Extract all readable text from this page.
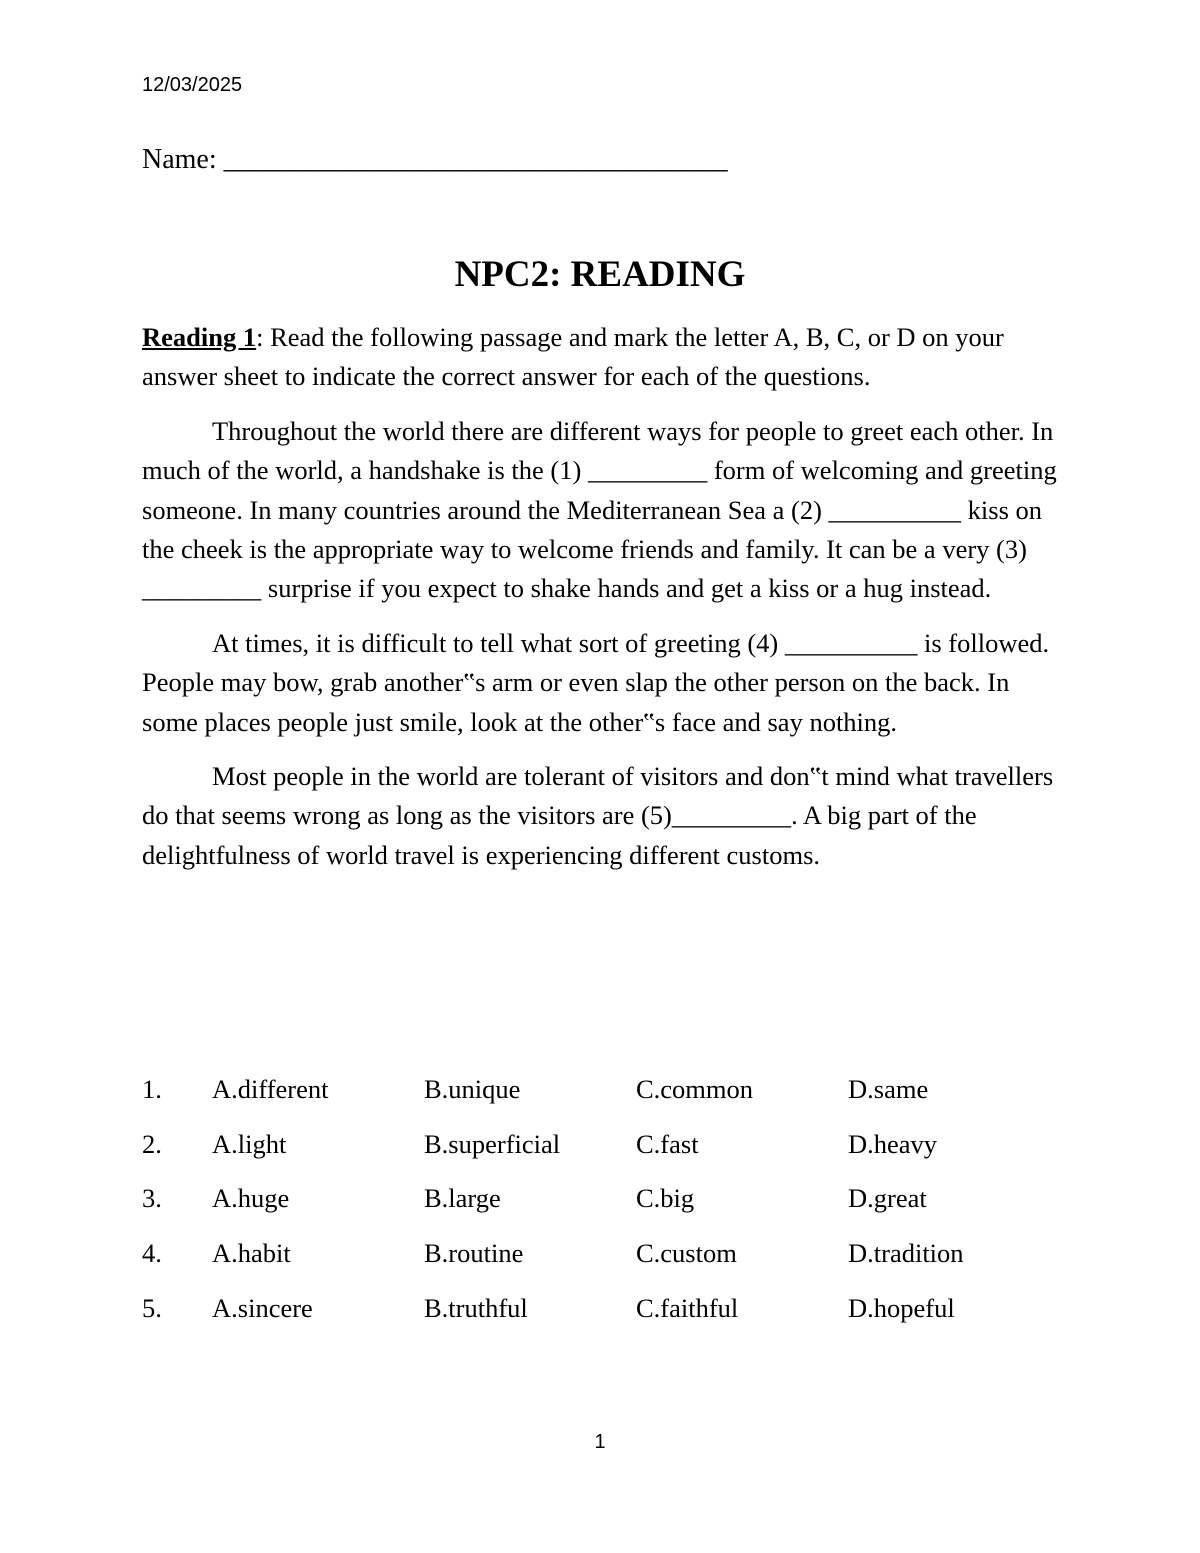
12/03/2025
Name: ____________________________________
NPC2: READING

Reading 1: Read the following passage and mark the letter A, B, C, or D on your answer sheet to indicate the correct answer for each of the questions.

Throughout the world there are different ways for people to greet each other. In much of the world, a handshake is the (1) _________ form of welcoming and greeting someone. In many countries around the Mediterranean Sea a (2) __________ kiss on the cheek is the appropriate way to welcome friends and family. It can be a very (3) _________ surprise if you expect to shake hands and get a kiss or a hug instead.

At times, it is difficult to tell what sort of greeting (4) __________ is followed. People may bow, grab another‟s arm or even slap the other person on the back. In some places people just smile, look at the other‟s face and say nothing.

Most people in the world are tolerant of visitors and don‟t mind what travellers do that seems wrong as long as the visitors are (5)_________. A big part of the delightfulness of world travel is experiencing different customs.

1.	A.different	B.unique	C.common	D.same
2.	A.light	B.superficial	C.fast	D.heavy
3.	A.huge	B.large	C.big	D.great
4.	A.habit	B.routine	C.custom	D.tradition
5.	A.sincere	B.truthful	C.faithful	D.hopeful
1
